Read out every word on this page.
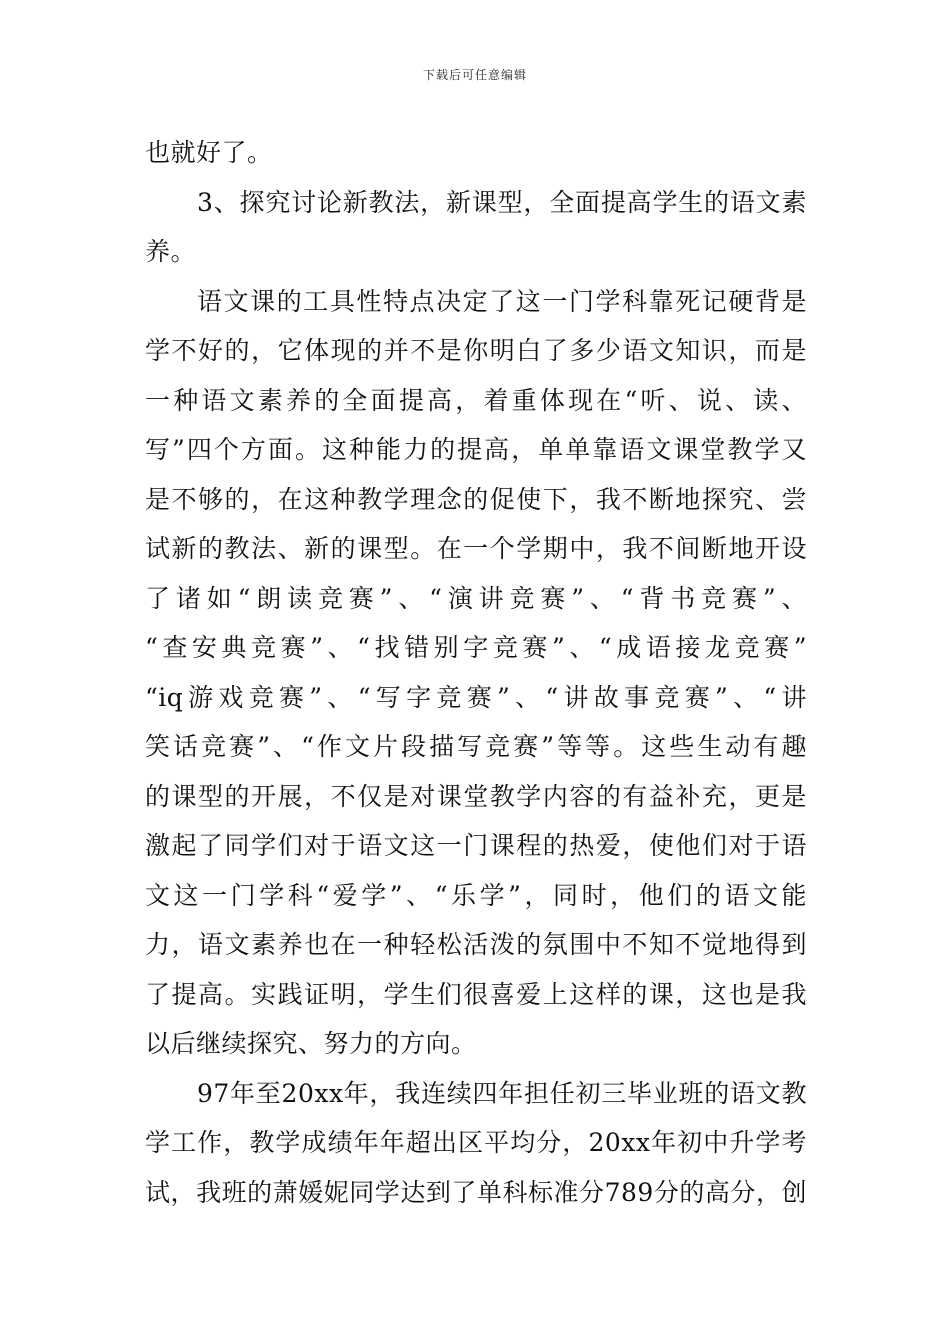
下载后可任意编辑
也就好了。
3、探究讨论新教法，新课型，全面提高学生的语文素
养。
语文课的工具性特点决定了这一门学科靠死记硬背是
学不好的，它体现的并不是你明白了多少语文知识，而是
一种语文素养的全面提高，着重体现在“听、说、读、
写”四个方面。这种能力的提高，单单靠语文课堂教学又
是不够的，在这种教学理念的促使下，我不断地探究、尝
试新的教法、新的课型。在一个学期中，我不间断地开设
了诸如“朗读竞赛”、“演讲竞赛”、“背书竞赛”、
“查安典竞赛”、“找错别字竞赛”、“成语接龙竞赛”
“iq游戏竞赛”、“写字竞赛”、“讲故事竞赛”、“讲
笑话竞赛”、“作文片段描写竞赛”等等。这些生动有趣
的课型的开展，不仅是对课堂教学内容的有益补充，更是
激起了同学们对于语文这一门课程的热爱，使他们对于语
文这一门学科“爱学”、“乐学”，同时，他们的语文能
力，语文素养也在一种轻松活泼的氛围中不知不觉地得到
了提高。实践证明，学生们很喜爱上这样的课，这也是我
以后继续探究、努力的方向。
97年至20xx年，我连续四年担任初三毕业班的语文教
学工作，教学成绩年年超出区平均分，20xx年初中升学考
试，我班的萧媛妮同学达到了单科标准分789分的高分，创
